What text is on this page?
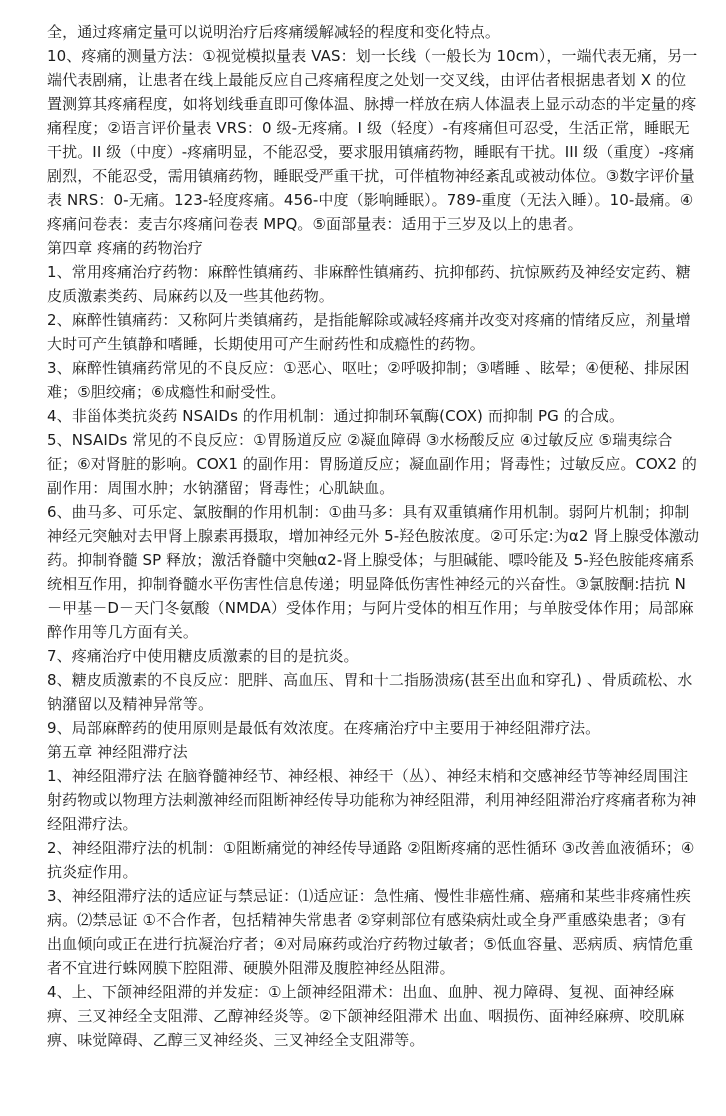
全，通过疼痛定量可以说明治疗后疼痛缓解减轻的程度和变化特点。

10、疼痛的测量方法：①视觉模拟量表 VAS：划一长线（一般长为 10cm），一端代表无痛，另一端代表剧痛，让患者在线上最能反应自己疼痛程度之处划一交叉线，由评估者根据患者划 X 的位置测算其疼痛程度，如将划线垂直即可像体温、脉搏一样放在病人体温表上显示动态的半定量的疼痛程度；②语言评价量表 VRS：0 级-无疼痛。I 级（轻度）-有疼痛但可忍受，生活正常，睡眠无干扰。II 级（中度）-疼痛明显，不能忍受，要求服用镇痛药物，睡眠有干扰。III 级（重度）-疼痛剧烈，不能忍受，需用镇痛药物，睡眠受严重干扰，可伴植物神经紊乱或被动体位。③数字评价量表 NRS：0-无痛。123-轻度疼痛。456-中度（影响睡眠）。789-重度（无法入睡）。10-最痛。④疼痛问卷表：麦吉尔疼痛问卷表 MPQ。⑤面部量表：适用于三岁及以上的患者。

第四章 疼痛的药物治疗

1、常用疼痛治疗药物：麻醉性镇痛药、非麻醉性镇痛药、抗抑郁药、抗惊厥药及神经安定药、糖皮质激素类药、局麻药以及一些其他药物。

2、麻醉性镇痛药：又称阿片类镇痛药，是指能解除或减轻疼痛并改变对疼痛的情绪反应，剂量增大时可产生镇静和嗜睡，长期使用可产生耐药性和成瘾性的药物。

3、麻醉性镇痛药常见的不良反应：①恶心、呕吐；②呼吸抑制；③嗜睡 、眩晕；④便秘、排尿困难；⑤胆绞痛；⑥成瘾性和耐受性。

4、非甾体类抗炎药 NSAIDs 的作用机制：通过抑制环氧酶(COX) 而抑制 PG 的合成。

5、NSAIDs 常见的不良反应：①胃肠道反应 ②凝血障碍 ③水杨酸反应 ④过敏反应 ⑤瑞夷综合征；⑥对肾脏的影响。COX1 的副作用：胃肠道反应；凝血副作用；肾毒性；过敏反应。COX2 的副作用：周围水肿；水钠潴留；肾毒性；心肌缺血。

6、曲马多、可乐定、氯胺酮的作用机制：①曲马多：具有双重镇痛作用机制。弱阿片机制；抑制神经元突触对去甲肾上腺素再摄取，增加神经元外 5-羟色胺浓度。②可乐定:为α2 肾上腺受体激动药。抑制脊髓 SP 释放；激活脊髓中突触α2-肾上腺受体；与胆碱能、嘌呤能及 5-羟色胺能疼痛系统相互作用，抑制脊髓水平伤害性信息传递；明显降低伤害性神经元的兴奋性。③氯胺酮:拮抗 N－甲基－D－天门冬氨酸（NMDA）受体作用；与阿片受体的相互作用；与单胺受体作用；局部麻醉作用等几方面有关。

7、疼痛治疗中使用糖皮质激素的目的是抗炎。

8、糖皮质激素的不良反应：肥胖、高血压、胃和十二指肠溃疡(甚至出血和穿孔) 、骨质疏松、水钠潴留以及精神异常等。

9、局部麻醉药的使用原则是最低有效浓度。在疼痛治疗中主要用于神经阻滞疗法。

第五章 神经阻滞疗法

1、神经阻滞疗法 在脑脊髓神经节、神经根、神经干（丛）、神经末梢和交感神经节等神经周围注射药物或以物理方法刺激神经而阻断神经传导功能称为神经阻滞，利用神经阻滞治疗疼痛者称为神经阻滞疗法。

2、神经阻滞疗法的机制：①阻断痛觉的神经传导通路 ②阻断疼痛的恶性循环 ③改善血液循环；④抗炎症作用。

3、神经阻滞疗法的适应证与禁忌证：⑴适应证：急性痛、慢性非癌性痛、癌痛和某些非疼痛性疾病。⑵禁忌证 ①不合作者，包括精神失常患者 ②穿刺部位有感染病灶或全身严重感染患者；③有出血倾向或正在进行抗凝治疗者；④对局麻药或治疗药物过敏者；⑤低血容量、恶病质、病情危重者不宜进行蛛网膜下腔阻滞、硬膜外阻滞及腹腔神经丛阻滞。

4、上、下颌神经阻滞的并发症：①上颌神经阻滞术：出血、血肿、视力障碍、复视、面神经麻痹、三叉神经全支阻滞、乙醇神经炎等。②下颌神经阻滞术 出血、咽损伤、面神经麻痹、咬肌麻痹、味觉障碍、乙醇三叉神经炎、三叉神经全支阻滞等。
